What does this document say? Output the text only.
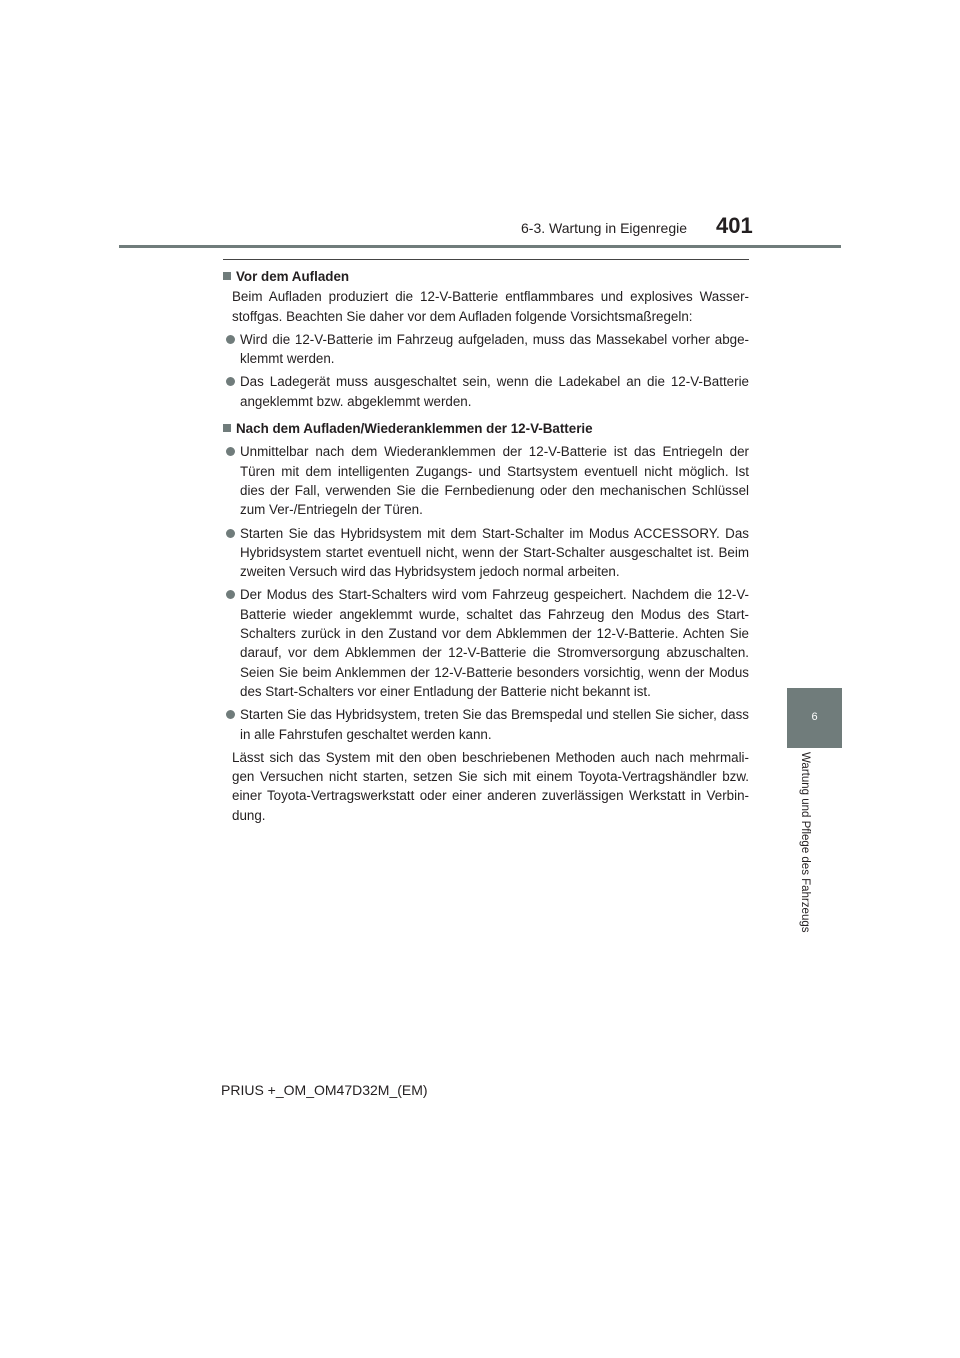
6-3. Wartung in Eigenregie 401
Vor dem Aufladen
Beim Aufladen produziert die 12-V-Batterie entflammbares und explosives Wasser-stoffgas. Beachten Sie daher vor dem Aufladen folgende Vorsichtsmaßregeln:
Wird die 12-V-Batterie im Fahrzeug aufgeladen, muss das Massekabel vorher abge-klemmt werden.
Das Ladegerät muss ausgeschaltet sein, wenn die Ladekabel an die 12-V-Batterie angeklemmt bzw. abgeklemmt werden.
Nach dem Aufladen/Wiederanklemmen der 12-V-Batterie
Unmittelbar nach dem Wiederanklemmen der 12-V-Batterie ist das Entriegeln der Türen mit dem intelligenten Zugangs- und Startsystem eventuell nicht möglich. Ist dies der Fall, verwenden Sie die Fernbedienung oder den mechanischen Schlüssel zum Ver-/Entriegeln der Türen.
Starten Sie das Hybridsystem mit dem Start-Schalter im Modus ACCESSORY. Das Hybridsystem startet eventuell nicht, wenn der Start-Schalter ausgeschaltet ist. Beim zweiten Versuch wird das Hybridsystem jedoch normal arbeiten.
Der Modus des Start-Schalters wird vom Fahrzeug gespeichert. Nachdem die 12-V-Batterie wieder angeklemmt wurde, schaltet das Fahrzeug den Modus des Start-Schalters zurück in den Zustand vor dem Abklemmen der 12-V-Batterie. Achten Sie darauf, vor dem Abklemmen der 12-V-Batterie die Stromversorgung abzuschalten. Seien Sie beim Anklemmen der 12-V-Batterie besonders vorsichtig, wenn der Modus des Start-Schalters vor einer Entladung der Batterie nicht bekannt ist.
Starten Sie das Hybridsystem, treten Sie das Bremspedal und stellen Sie sicher, dass in alle Fahrstufen geschaltet werden kann.
Lässt sich das System mit den oben beschriebenen Methoden auch nach mehrmali-gen Versuchen nicht starten, setzen Sie sich mit einem Toyota-Vertragshändler bzw. einer Toyota-Vertragswerkstatt oder einer anderen zuverlässigen Werkstatt in Verbin-dung.
6
Wartung und Pflege des Fahrzeugs
PRIUS +_OM_OM47D32M_(EM)
